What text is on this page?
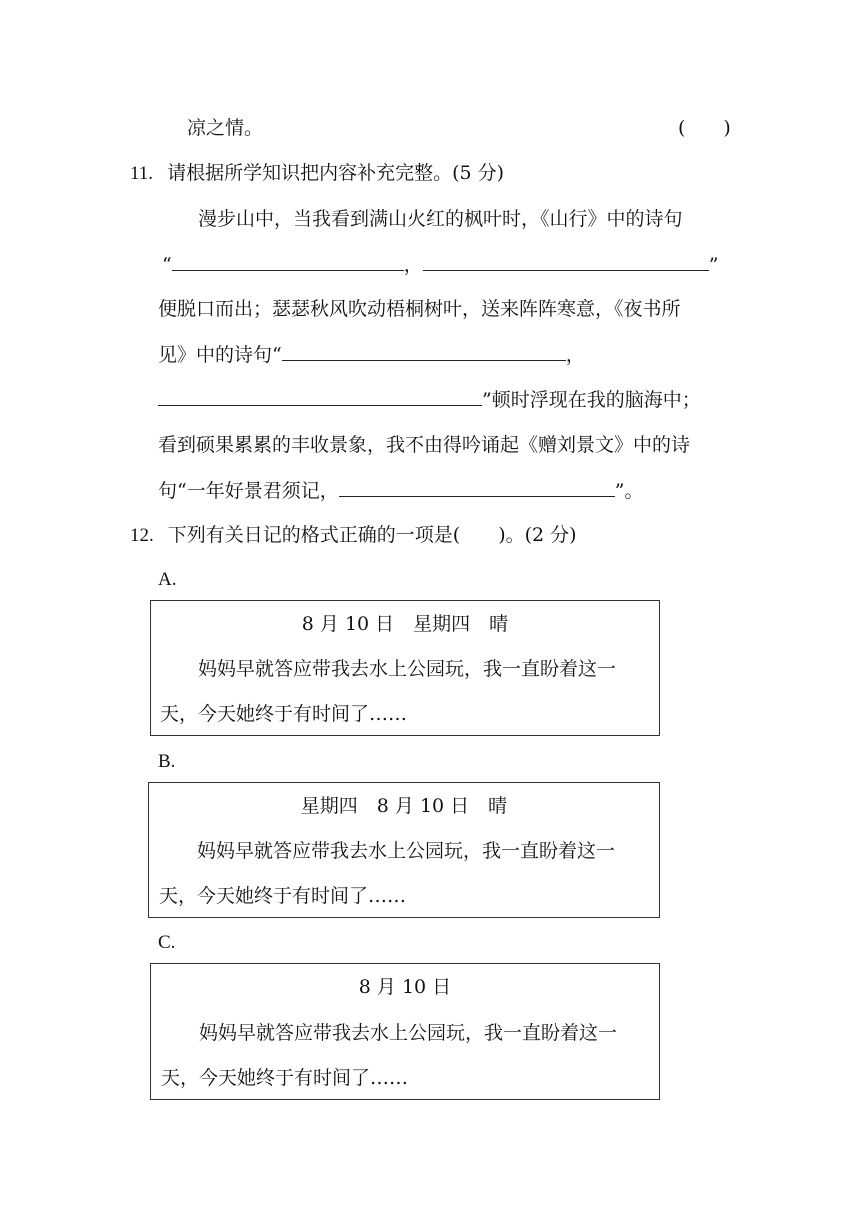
凉之情。	(　　)
11. 请根据所学知识把内容补充完整。(5 分)
漫步山中，当我看到满山火红的枫叶时，《山行》中的诗句
“	，	”
便脱口而出；瑟瑟秋风吹动梧桐树叶，送来阵阵寒意，《夜书所
见》中的诗句“	，
”顿时浮现在我的脑海中；
看到硕果累累的丰收景象，我不由得吟诵起《赠刘景文》中的诗
句“一年好景君须记，	”。
12. 下列有关日记的格式正确的一项是(　　)。(2 分)
A.
8 月 10 日　星期四　晴
妈妈早就答应带我去水上公园玩，我一直盼着这一
天，今天她终于有时间了……
B.
星期四　8 月 10 日　晴
妈妈早就答应带我去水上公园玩，我一直盼着这一
天，今天她终于有时间了……
C.
8 月 10 日
妈妈早就答应带我去水上公园玩，我一直盼着这一
天，今天她终于有时间了……
